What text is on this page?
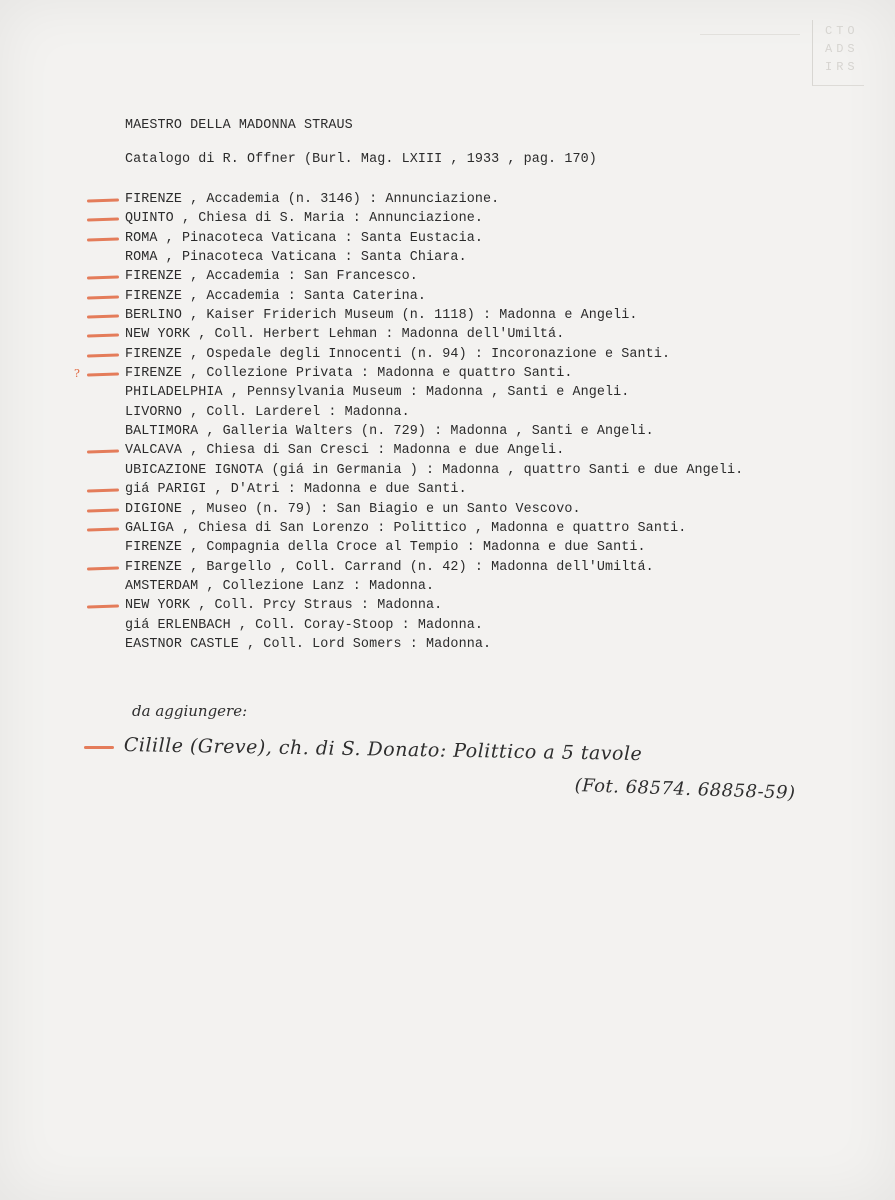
CTO ADS IRS
MAESTRO DELLA MADONNA STRAUS
Catalogo di R. Offner (Burl. Mag. LXIII , 1933 , pag. 170)
?
FIRENZE , Accademia (n. 3146) : Annunciazione.
QUINTO , Chiesa di S. Maria : Annunciazione.
ROMA , Pinacoteca Vaticana : Santa Eustacia.
ROMA , Pinacoteca Vaticana : Santa Chiara.
FIRENZE , Accademia : San Francesco.
FIRENZE , Accademia : Santa Caterina.
BERLINO , Kaiser Friderich Museum (n. 1118) : Madonna e Angeli.
NEW YORK , Coll. Herbert Lehman : Madonna dell'Umiltá.
FIRENZE , Ospedale degli Innocenti (n. 94) : Incoronazione e Santi.
FIRENZE , Collezione Privata : Madonna e quattro Santi.
PHILADELPHIA , Pennsylvania Museum : Madonna , Santi e Angeli.
LIVORNO , Coll. Larderel : Madonna.
BALTIMORA , Galleria Walters (n. 729) : Madonna , Santi e Angeli.
VALCAVA , Chiesa di San Cresci : Madonna e due Angeli.
UBICAZIONE IGNOTA (giá in Germania ) : Madonna , quattro Santi e due Angeli.
giá PARIGI , D'Atri : Madonna e due Santi.
DIGIONE , Museo (n. 79) : San Biagio e un Santo Vescovo.
GALIGA , Chiesa di San Lorenzo : Polittico , Madonna e quattro Santi.
FIRENZE , Compagnia della Croce al Tempio : Madonna e due Santi.
FIRENZE , Bargello , Coll. Carrand (n. 42) : Madonna dell'Umiltá.
AMSTERDAM , Collezione Lanz : Madonna.
NEW YORK , Coll. Prcy Straus : Madonna.
giá ERLENBACH , Coll. Coray-Stoop : Madonna.
EASTNOR CASTLE , Coll. Lord Somers : Madonna.
da aggiungere:
Cilille (Greve), ch. di S. Donato: Polittico a 5 tavole
(Fot. 68574. 68858-59)
